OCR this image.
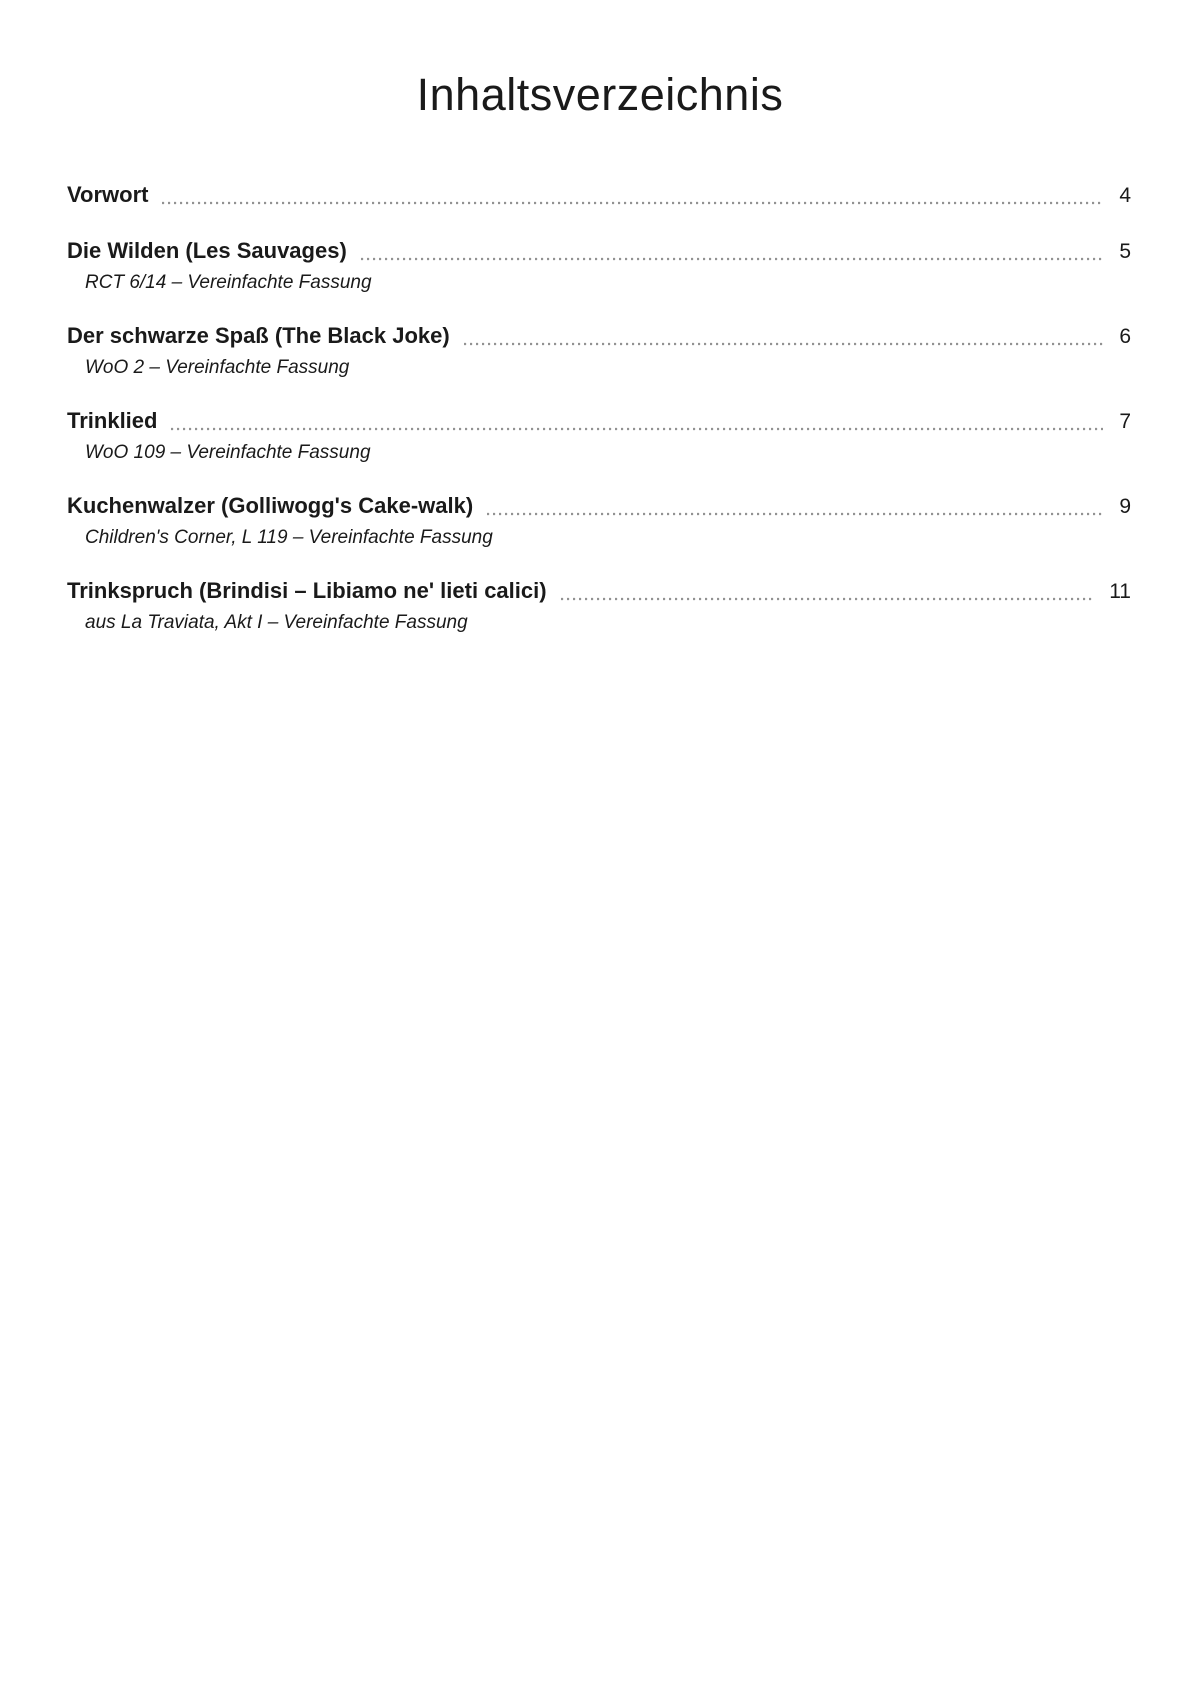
Inhaltsverzeichnis
Vorwort	4
Die Wilden (Les Sauvages)	5
RCT 6/14 – Vereinfachte Fassung
Der schwarze Spaß (The Black Joke)	6
WoO 2 – Vereinfachte Fassung
Trinklied	7
WoO 109 – Vereinfachte Fassung
Kuchenwalzer (Golliwogg's Cake-walk)	9
Children's Corner, L 119 – Vereinfachte Fassung
Trinkspruch (Brindisi – Libiamo ne' lieti calici)	11
aus La Traviata, Akt I – Vereinfachte Fassung
